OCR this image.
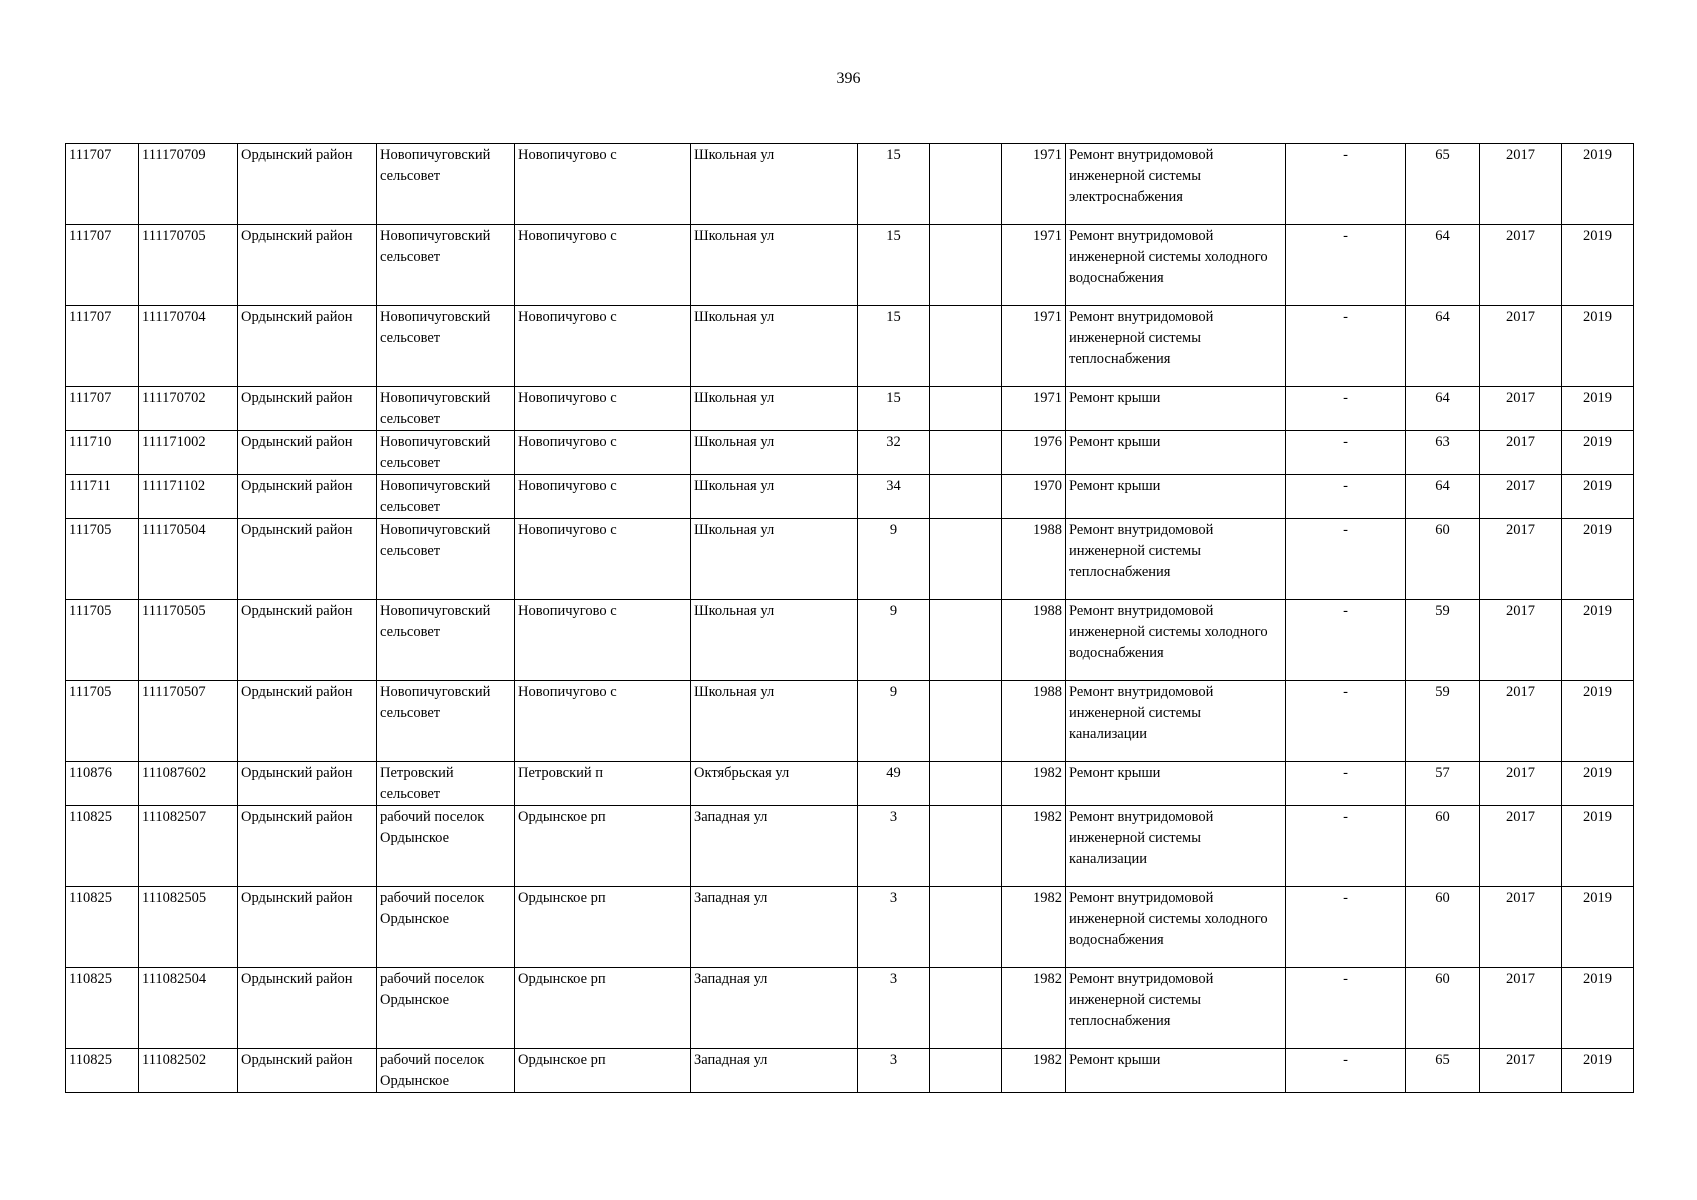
396
111707	111170709	Ордынский район	Новопичуговский сельсовет	Новопичугово с	Школьная ул	15		1971	Ремонт внутридомовой инженерной системы электроснабжения	-	65	2017	2019
111707	111170705	Ордынский район	Новопичуговский сельсовет	Новопичугово с	Школьная ул	15		1971	Ремонт внутридомовой инженерной системы холодного водоснабжения	-	64	2017	2019
111707	111170704	Ордынский район	Новопичуговский сельсовет	Новопичугово с	Школьная ул	15		1971	Ремонт внутридомовой инженерной системы теплоснабжения	-	64	2017	2019
111707	111170702	Ордынский район	Новопичуговский сельсовет	Новопичугово с	Школьная ул	15		1971	Ремонт крыши	-	64	2017	2019
111710	111171002	Ордынский район	Новопичуговский сельсовет	Новопичугово с	Школьная ул	32		1976	Ремонт крыши	-	63	2017	2019
111711	111171102	Ордынский район	Новопичуговский сельсовет	Новопичугово с	Школьная ул	34		1970	Ремонт крыши	-	64	2017	2019
111705	111170504	Ордынский район	Новопичуговский сельсовет	Новопичугово с	Школьная ул	9		1988	Ремонт внутридомовой инженерной системы теплоснабжения	-	60	2017	2019
111705	111170505	Ордынский район	Новопичуговский сельсовет	Новопичугово с	Школьная ул	9		1988	Ремонт внутридомовой инженерной системы холодного водоснабжения	-	59	2017	2019
111705	111170507	Ордынский район	Новопичуговский сельсовет	Новопичугово с	Школьная ул	9		1988	Ремонт внутридомовой инженерной системы канализации	-	59	2017	2019
110876	111087602	Ордынский район	Петровский сельсовет	Петровский п	Октябрьская ул	49		1982	Ремонт крыши	-	57	2017	2019
110825	111082507	Ордынский район	рабочий поселок Ордынское	Ордынское рп	Западная ул	3		1982	Ремонт внутридомовой инженерной системы канализации	-	60	2017	2019
110825	111082505	Ордынский район	рабочий поселок Ордынское	Ордынское рп	Западная ул	3		1982	Ремонт внутридомовой инженерной системы холодного водоснабжения	-	60	2017	2019
110825	111082504	Ордынский район	рабочий поселок Ордынское	Ордынское рп	Западная ул	3		1982	Ремонт внутридомовой инженерной системы теплоснабжения	-	60	2017	2019
110825	111082502	Ордынский район	рабочий поселок Ордынское	Ордынское рп	Западная ул	3		1982	Ремонт крыши	-	65	2017	2019
